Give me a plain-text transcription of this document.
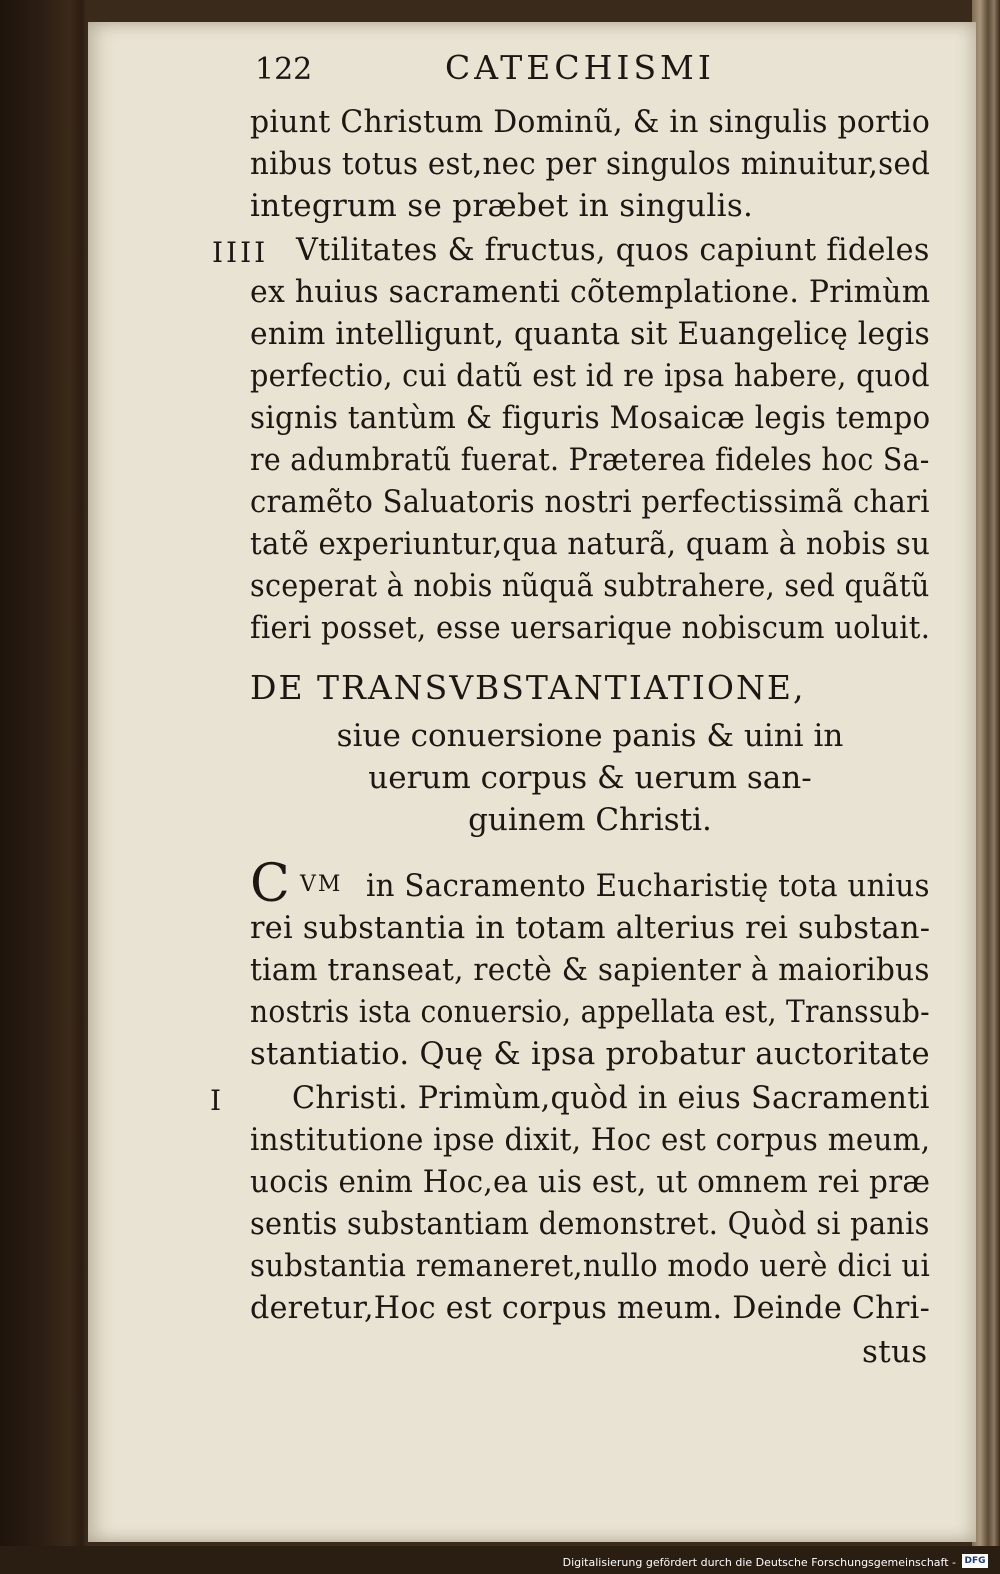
122	CATECHISMI
piunt Christum Dominũ, & in singulis portio
nibus totus est,nec per singulos minuitur,sed
integrum se præbet in singulis.
IIII Vtilitates & fructus, quos capiunt fideles
ex huius sacramenti cõtemplatione. Primùm
enim intelligunt, quanta sit Euangelicę legis
perfectio, cui datũ est id re ipsa habere, quod
signis tantùm & figuris Mosaicæ legis tempo
re adumbratũ fuerat. Præterea fideles hoc Sa-
cramẽto Saluatoris nostri perfectissimã chari
tatẽ experiuntur,qua naturã, quam à nobis su
sceperat à nobis nũquã subtrahere, sed quãtũ
fieri posset, esse uersarique nobiscum uoluit.
DE TRANSVBSTANTIATIONE,
siue conuersione panis & uini in
uerum corpus & uerum san-
guinem Christi.
C VM in Sacramento Eucharistię tota unius
rei substantia in totam alterius rei substan-
tiam transeat, rectè & sapienter à maioribus
nostris ista conuersio, appellata est, Transsub-
stantiatio. Quę & ipsa probatur auctoritate
I Christi. Primùm,quòd in eius Sacramenti
institutione ipse dixit, Hoc est corpus meum,
uocis enim Hoc,ea uis est, ut omnem rei præ
sentis substantiam demonstret. Quòd si panis
substantia remaneret,nullo modo uerè dici ui
deretur,Hoc est corpus meum. Deinde Chri-
stus
Digitalisierung gefördert durch die Deutsche Forschungsgemeinschaft - DFG
